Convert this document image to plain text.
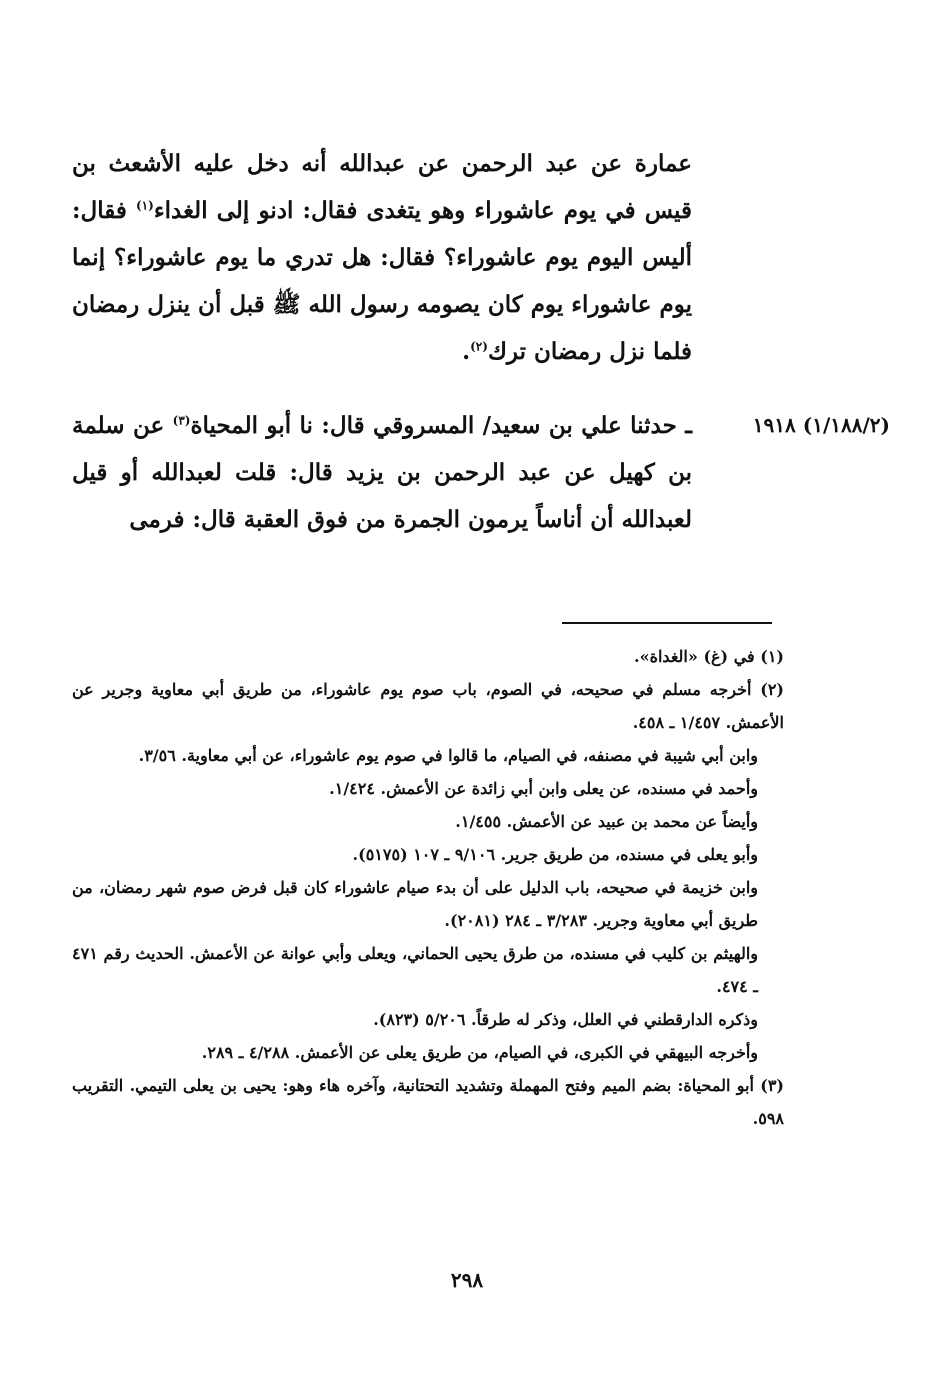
عمارة عن عبد الرحمن عن عبدالله أنه دخل عليه الأشعث بن قيس في يوم عاشوراء وهو يتغدى فقال: ادنو إلى الغداء$^{(١)}$ فقال: أليس اليوم يوم عاشوراء؟ فقال: هل تدري ما يوم عاشوراء؟ إنما يوم عاشوراء يوم كان يصومه رسول الله ﷺ قبل أن ينزل رمضان فلما نزل رمضان ترك$^{(٢)}$.

(١/١٨٨/٢) ١٩١٨

ـ حدثنا علي بن سعيد/ المسروقي قال: نا أبو المحياة$^{(٣)}$ عن سلمة بن كهيل عن عبد الرحمن بن يزيد قال: قلت لعبدالله أو قيل لعبدالله أن أناساً يرمون الجمرة من فوق العقبة قال: فرمى

(١) في (غ) «الغداة».

(٢) أخرجه مسلم في صحيحه، في الصوم، باب صوم يوم عاشوراء، من طريق أبي معاوية وجرير عن الأعمش. ١/٤٥٧ ـ ٤٥٨.

وابن أبي شيبة في مصنفه، في الصيام، ما قالوا في صوم يوم عاشوراء، عن أبي معاوية. ٣/٥٦.

وأحمد في مسنده، عن يعلى وابن أبي زائدة عن الأعمش. ١/٤٢٤.

وأيضاً عن محمد بن عبيد عن الأعمش. ١/٤٥٥.

وأبو يعلى في مسنده، من طريق جرير. ٩/١٠٦ ـ ١٠٧ (٥١٧٥).

وابن خزيمة في صحيحه، باب الدليل على أن بدء صيام عاشوراء كان قبل فرض صوم شهر رمضان، من طريق أبي معاوية وجرير. ٣/٢٨٣ ـ ٢٨٤ (٢٠٨١).

والهيثم بن كليب في مسنده، من طرق يحيى الحماني، ويعلى وأبي عوانة عن الأعمش. الحديث رقم ٤٧١ ـ ٤٧٤.

وذكره الدارقطني في العلل، وذكر له طرقاً. ٥/٢٠٦ (٨٢٣).

وأخرجه البيهقي في الكبرى، في الصيام، من طريق يعلى عن الأعمش. ٤/٢٨٨ ـ ٢٨٩.

(٣) أبو المحياة: بضم الميم وفتح المهملة وتشديد التحتانية، وآخره هاء وهو: يحيى بن يعلى التيمي. التقريب ٥٩٨.

٢٩٨
